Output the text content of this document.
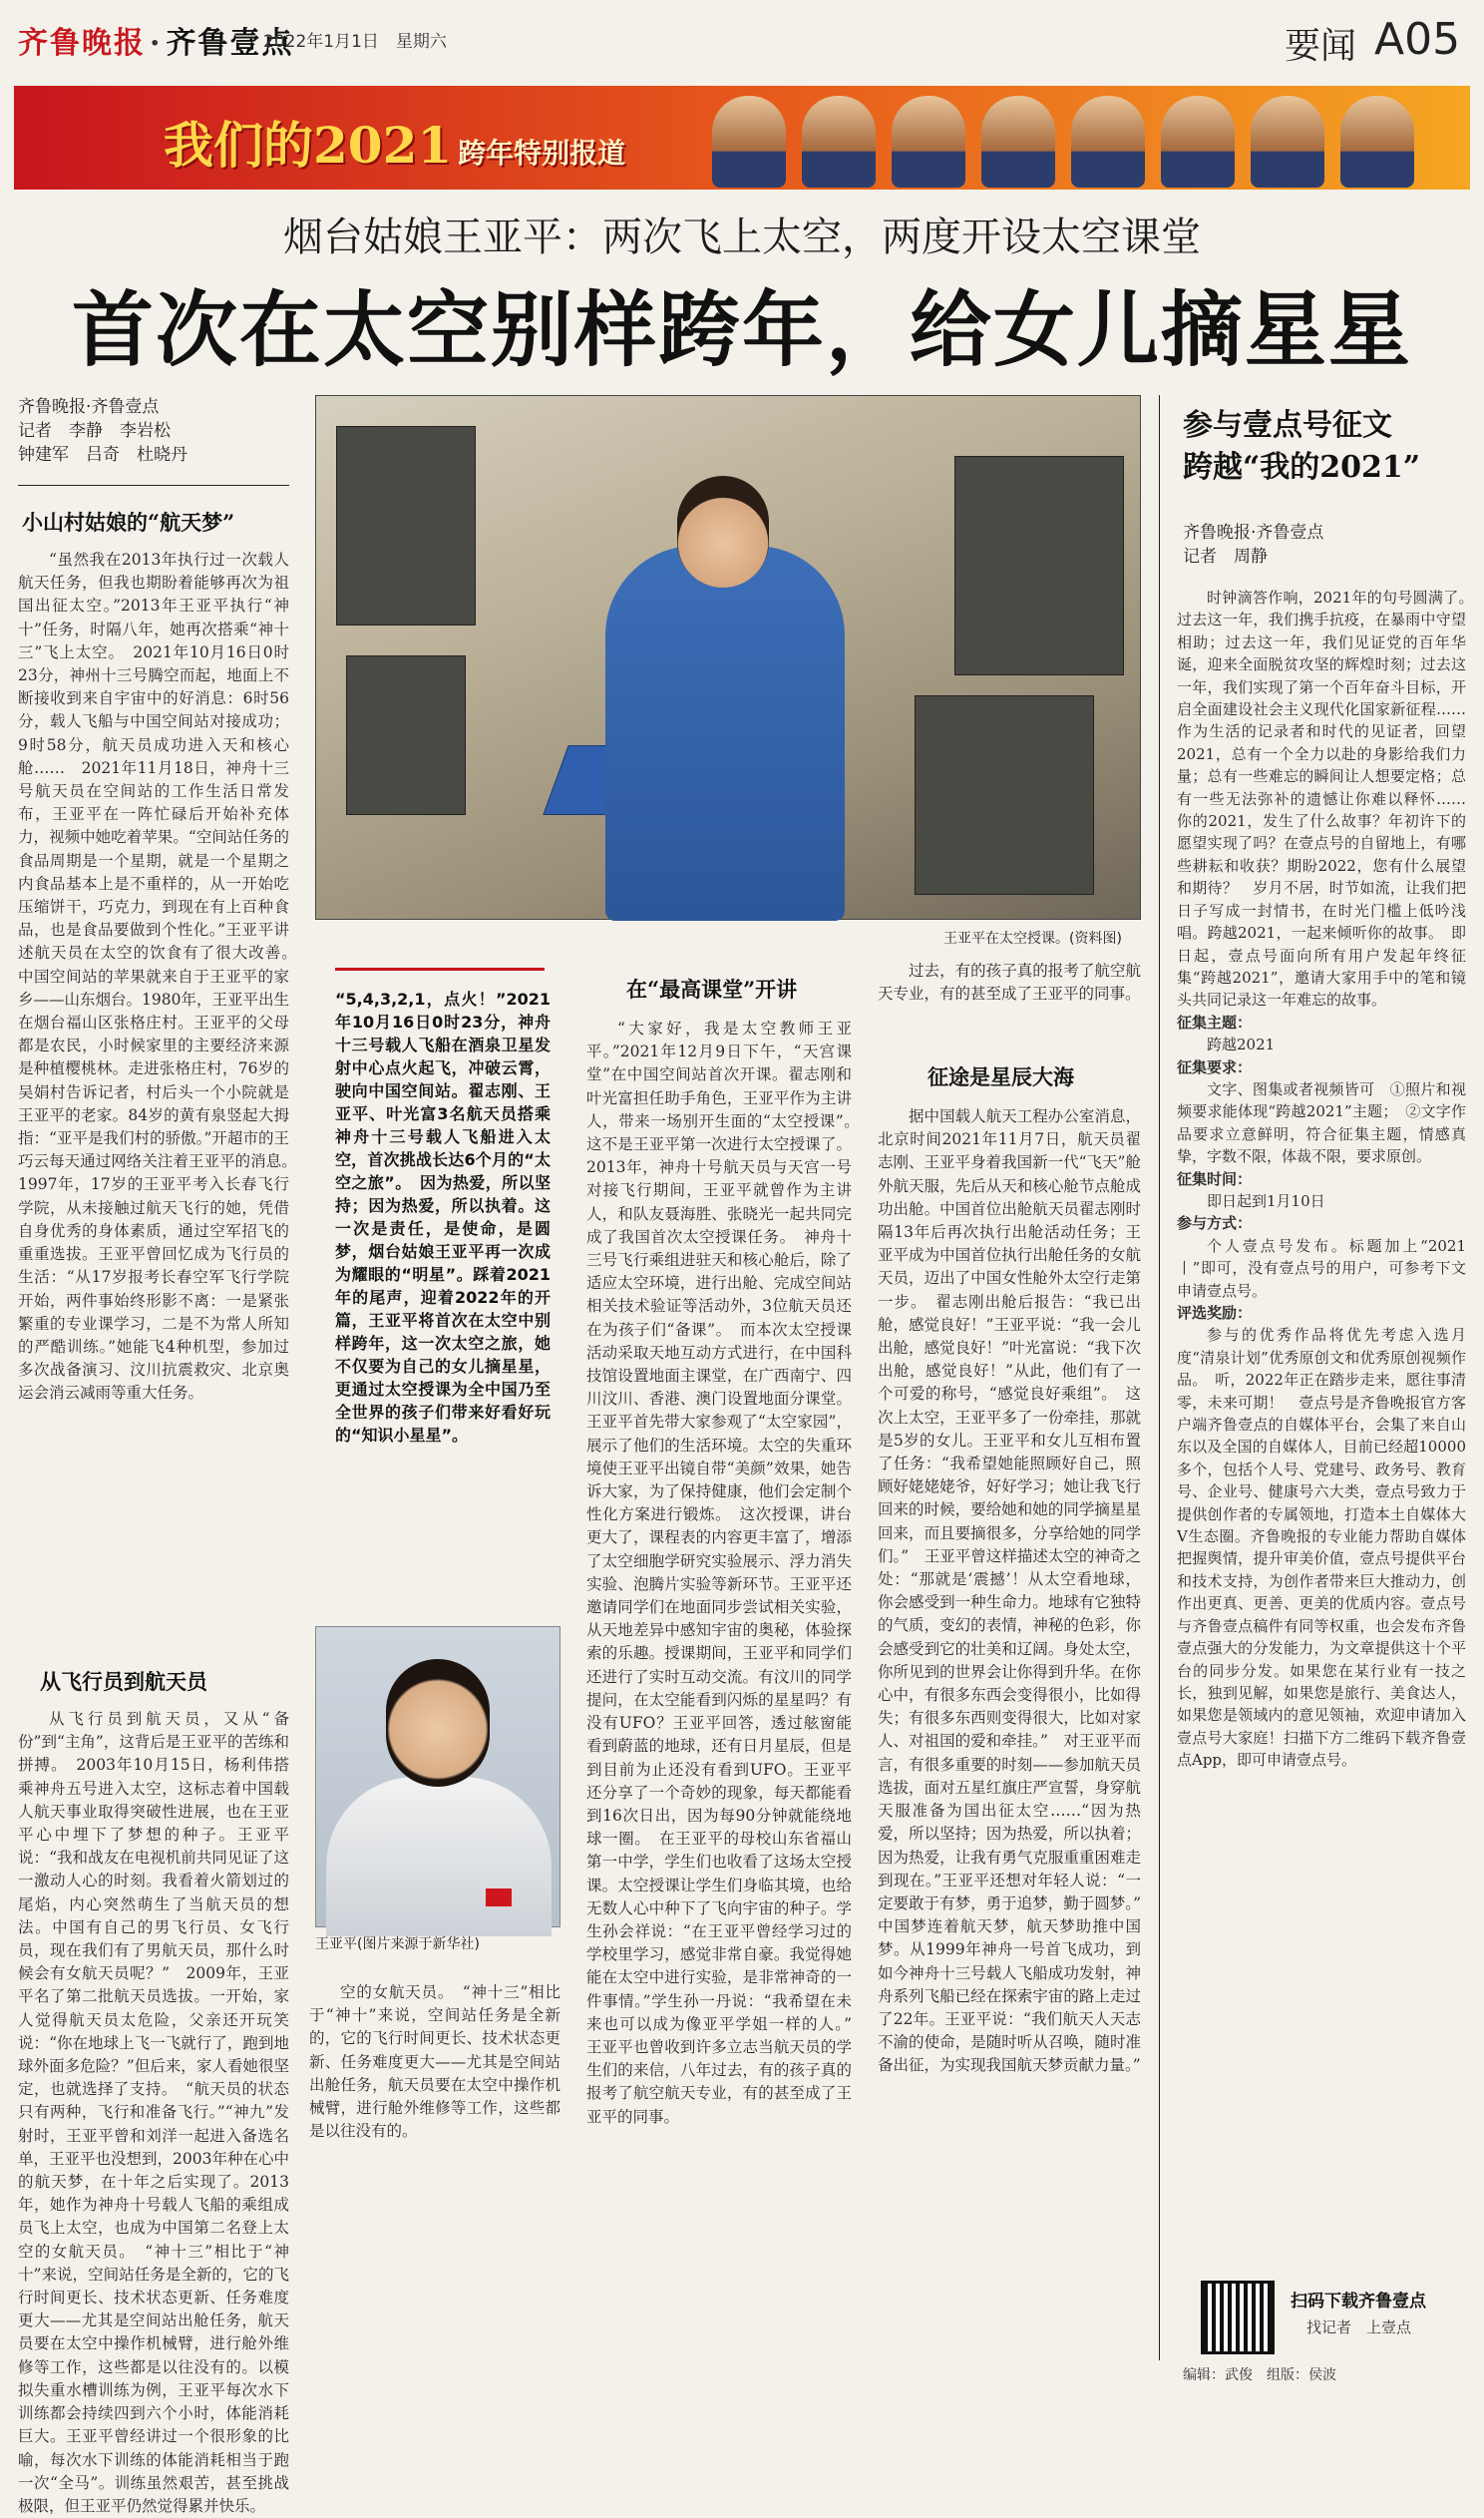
齐鲁晚报 · 齐鲁壹点
2022年1月1日　星期六	要闻 A05
我们的2021 跨年特别报道
烟台姑娘王亚平：两次飞上太空，两度开设太空课堂
首次在太空别样跨年，给女儿摘星星
齐鲁晚报·齐鲁壹点
记者　李静　李岩松
钟建军　吕奇　杜晓丹
小山村姑娘的“航天梦”

“虽然我在2013年执行过一次载人航天任务，但我也期盼着能够再次为祖国出征太空。”2013年王亚平执行“神十”任务，时隔八年，她再次搭乘“神十三”飞上太空。　2021年10月16日0时23分，神州十三号腾空而起，地面上不断接收到来自宇宙中的好消息：6时56分，载人飞船与中国空间站对接成功；9时58分，航天员成功进入天和核心舱……　2021年11月18日，神舟十三号航天员在空间站的工作生活日常发布，王亚平在一阵忙碌后开始补充体力，视频中她吃着苹果。“空间站任务的食品周期是一个星期，就是一个星期之内食品基本上是不重样的，从一开始吃压缩饼干，巧克力，到现在有上百种食品，也是食品要做到个性化。”王亚平讲述航天员在太空的饮食有了很大改善。　中国空间站的苹果就来自于王亚平的家乡——山东烟台。1980年，王亚平出生在烟台福山区张格庄村。王亚平的父母都是农民，小时候家里的主要经济来源是种植樱桃林。走进张格庄村，76岁的吴娟村告诉记者，村后头一个小院就是王亚平的老家。84岁的黄有泉竖起大拇指：“亚平是我们村的骄傲。”开超市的王巧云每天通过网络关注着王亚平的消息。　1997年，17岁的王亚平考入长春飞行学院，从未接触过航天飞行的她，凭借自身优秀的身体素质，通过空军招飞的重重选拔。王亚平曾回忆成为飞行员的生活：“从17岁报考长春空军飞行学院开始，两件事始终形影不离：一是紧张繁重的专业课学习，二是不为常人所知的严酷训练。”她能飞4种机型，参加过多次战备演习、汶川抗震救灾、北京奥运会消云减雨等重大任务。

从飞行员到航天员

从飞行员到航天员，又从“备份”到“主角”，这背后是王亚平的苦练和拼搏。　2003年10月15日，杨利伟搭乘神舟五号进入太空，这标志着中国载人航天事业取得突破性进展，也在王亚平心中埋下了梦想的种子。王亚平说：“我和战友在电视机前共同见证了这一激动人心的时刻。我看着火箭划过的尾焰，内心突然萌生了当航天员的想法。中国有自己的男飞行员、女飞行员，现在我们有了男航天员，那什么时候会有女航天员呢？”　2009年，王亚平名了第二批航天员选拔。一开始，家人觉得航天员太危险，父亲还开玩笑说：“你在地球上飞一飞就行了，跑到地球外面多危险？”但后来，家人看她很坚定，也就选择了支持。　“航天员的状态只有两种，飞行和准备飞行。”“神九”发射时，王亚平曾和刘洋一起进入备选名单，王亚平也没想到，2003年种在心中的航天梦，在十年之后实现了。2013年，她作为神舟十号载人飞船的乘组成员飞上太空，也成为中国第二名登上太空的女航天员。　“神十三”相比于“神十”来说，空间站任务是全新的，它的飞行时间更长、技术状态更新、任务难度更大——尤其是空间站出舱任务，航天员要在太空中操作机械臂，进行舱外维修等工作，这些都是以往没有的。以模拟失重水槽训练为例，王亚平每次水下训练都会持续四到六个小时，体能消耗巨大。王亚平曾经讲过一个很形象的比喻，每次水下训练的体能消耗相当于跑一次“全马”。训练虽然艰苦，甚至挑战极限，但王亚平仍然觉得累并快乐。

王亚平在太空授课。(资料图)
“5,4,3,2,1，点火！”2021年10月16日0时23分，神舟十三号载人飞船在酒泉卫星发射中心点火起飞，冲破云霄，驶向中国空间站。翟志刚、王亚平、叶光富3名航天员搭乘神舟十三号载人飞船进入太空，首次挑战长达6个月的“太空之旅”。　因为热爱，所以坚持；因为热爱，所以执着。这一次是责任，是使命，是圆梦，烟台姑娘王亚平再一次成为耀眼的“明星”。踩着2021年的尾声，迎着2022年的开篇，王亚平将首次在太空中别样跨年，这一次太空之旅，她不仅要为自己的女儿摘星星，更通过太空授课为全中国乃至全世界的孩子们带来好看好玩的“知识小星星”。
王亚平(图片来源于新华社)

空的女航天员。　“神十三”相比于“神十”来说，空间站任务是全新的，它的飞行时间更长、技术状态更新、任务难度更大——尤其是空间站出舱任务，航天员要在太空中操作机械臂，进行舱外维修等工作，这些都是以往没有的。

在“最高课堂”开讲

“大家好，我是太空教师王亚平。”2021年12月9日下午，“天宫课堂”在中国空间站首次开课。翟志刚和叶光富担任助手角色，王亚平作为主讲人，带来一场别开生面的“太空授课”。　这不是王亚平第一次进行太空授课了。2013年，神舟十号航天员与天宫一号对接飞行期间，王亚平就曾作为主讲人，和队友聂海胜、张晓光一起共同完成了我国首次太空授课任务。　神舟十三号飞行乘组进驻天和核心舱后，除了适应太空环境，进行出舱、完成空间站相关技术验证等活动外，3位航天员还在为孩子们“备课”。　而本次太空授课活动采取天地互动方式进行，在中国科技馆设置地面主课堂，在广西南宁、四川汶川、香港、澳门设置地面分课堂。王亚平首先带大家参观了“太空家园”，展示了他们的生活环境。太空的失重环境使王亚平出镜自带“美颜”效果，她告诉大家，为了保持健康，他们会定制个性化方案进行锻炼。　这次授课，讲台更大了，课程表的内容更丰富了，增添了太空细胞学研究实验展示、浮力消失实验、泡腾片实验等新环节。王亚平还邀请同学们在地面同步尝试相关实验，从天地差异中感知宇宙的奥秘，体验探索的乐趣。授课期间，王亚平和同学们还进行了实时互动交流。有汶川的同学提问，在太空能看到闪烁的星星吗？有没有UFO？王亚平回答，透过舷窗能看到蔚蓝的地球，还有日月星辰，但是到目前为止还没有看到UFO。王亚平还分享了一个奇妙的现象，每天都能看到16次日出，因为每90分钟就能绕地球一圈。　在王亚平的母校山东省福山第一中学，学生们也收看了这场太空授课。太空授课让学生们身临其境，也给无数人心中种下了飞向宇宙的种子。学生孙会祥说：“在王亚平曾经学习过的学校里学习，感觉非常自豪。我觉得她能在太空中进行实验，是非常神奇的一件事情。”学生孙一丹说：“我希望在未来也可以成为像亚平学姐一样的人。”　王亚平也曾收到许多立志当航天员的学生们的来信，八年过去，有的孩子真的报考了航空航天专业，有的甚至成了王亚平的同事。

过去，有的孩子真的报考了航空航天专业，有的甚至成了王亚平的同事。

征途是星辰大海

据中国载人航天工程办公室消息，北京时间2021年11月7日，航天员翟志刚、王亚平身着我国新一代“飞天”舱外航天服，先后从天和核心舱节点舱成功出舱。中国首位出舱航天员翟志刚时隔13年后再次执行出舱活动任务；王亚平成为中国首位执行出舱任务的女航天员，迈出了中国女性舱外太空行走第一步。　翟志刚出舱后报告：“我已出舱，感觉良好！”王亚平说：“我一会儿出舱，感觉良好！”叶光富说：“我下次出舱，感觉良好！”从此，他们有了一个可爱的称号，“感觉良好乘组”。　这次上太空，王亚平多了一份牵挂，那就是5岁的女儿。王亚平和女儿互相布置了任务：“我希望她能照顾好自己，照顾好姥姥姥爷，好好学习；她让我飞行回来的时候，要给她和她的同学摘星星回来，而且要摘很多，分享给她的同学们。”　王亚平曾这样描述太空的神奇之处：“那就是‘震撼’！从太空看地球，你会感受到一种生命力。地球有它独特的气质，变幻的表情，神秘的色彩，你会感受到它的壮美和辽阔。身处太空，你所见到的世界会让你得到升华。在你心中，有很多东西会变得很小，比如得失；有很多东西则变得很大，比如对家人、对祖国的爱和牵挂。”　对王亚平而言，有很多重要的时刻——参加航天员选拔，面对五星红旗庄严宣誓，身穿航天服准备为国出征太空……“因为热爱，所以坚持；因为热爱，所以执着；因为热爱，让我有勇气克服重重困难走到现在。”王亚平还想对年轻人说：“一定要敢于有梦，勇于追梦，勤于圆梦。”　中国梦连着航天梦，航天梦助推中国梦。从1999年神舟一号首飞成功，到如今神舟十三号载人飞船成功发射，神舟系列飞船已经在探索宇宙的路上走过了22年。王亚平说：“我们航天人天志不渝的使命，是随时听从召唤，随时准备出征，为实现我国航天梦贡献力量。”

参与壹点号征文
跨越“我的2021”
齐鲁晚报·齐鲁壹点
记者　周静

时钟滴答作响，2021年的句号圆满了。　过去这一年，我们携手抗疫，在暴雨中守望相助；过去这一年，我们见证党的百年华诞，迎来全面脱贫攻坚的辉煌时刻；过去这一年，我们实现了第一个百年奋斗目标，开启全面建设社会主义现代化国家新征程……作为生活的记录者和时代的见证者，回望2021，总有一个全力以赴的身影给我们力量；总有一些难忘的瞬间让人想要定格；总有一些无法弥补的遗憾让你难以释怀……　你的2021，发生了什么故事？年初许下的愿望实现了吗？在壹点号的自留地上，有哪些耕耘和收获？期盼2022，您有什么展望和期待？　岁月不居，时节如流，让我们把日子写成一封情书，在时光门槛上低吟浅唱。跨越2021，一起来倾听你的故事。　即日起，壹点号面向所有用户发起年终征集“跨越2021”，邀请大家用手中的笔和镜头共同记录这一年难忘的故事。

征集主题：

跨越2021

征集要求：

文字、图集或者视频皆可　①照片和视频要求能体现“跨越2021”主题；　②文字作品要求立意鲜明，符合征集主题，情感真挚，字数不限，体裁不限，要求原创。

征集时间：

即日起到1月10日

参与方式：

个人壹点号发布。标题加上“2021丨”即可，没有壹点号的用户，可参考下文申请壹点号。

评选奖励：

参与的优秀作品将优先考虑入选月度“清泉计划”优秀原创文和优秀原创视频作品。　听，2022年正在踏步走来，愿往事清零，未来可期！　壹点号是齐鲁晚报官方客户端齐鲁壹点的自媒体平台，会集了来自山东以及全国的自媒体人，目前已经超10000多个，包括个人号、党建号、政务号、教育号、企业号、健康号六大类，壹点号致力于提供创作者的专属领地，打造本土自媒体大V生态圈。齐鲁晚报的专业能力帮助自媒体把握舆情，提升审美价值，壹点号提供平台和技术支持，为创作者带来巨大推动力，创作出更真、更善、更美的优质内容。壹点号与齐鲁壹点稿件有同等权重，也会发布齐鲁壹点强大的分发能力，为文章提供这十个平台的同步分发。如果您在某行业有一技之长，独到见解，如果您是旅行、美食达人，如果您是领域内的意见领袖，欢迎申请加入壹点号大家庭！扫描下方二维码下载齐鲁壹点App，即可申请壹点号。

扫码下载齐鲁壹点
找记者　上壹点
编辑：武俊　组版：侯波
